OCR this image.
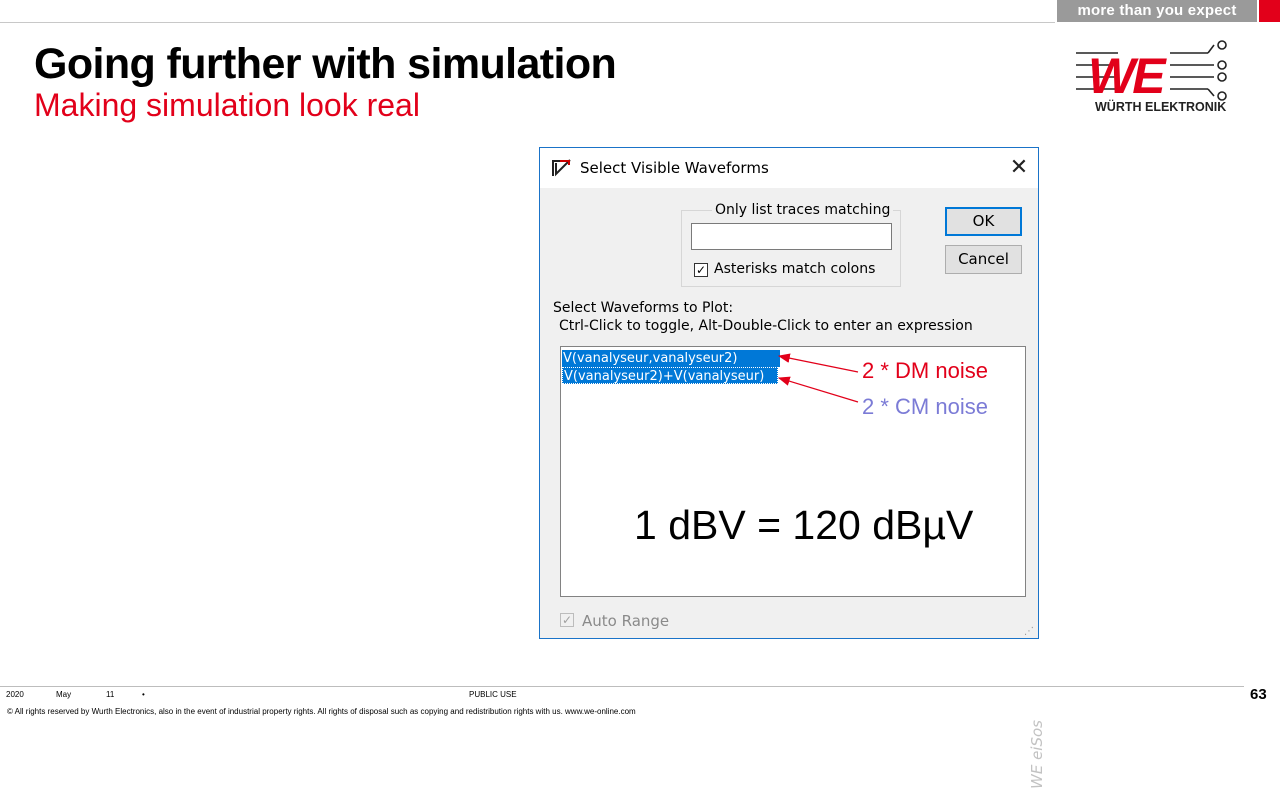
more than you expect
Going further with simulation
Making simulation look real
WE
WÜRTH ELEKTRONIK
Select Visible Waveforms	✕
Only list traces matching
✓ Asterisks match colons
OK
Cancel
Select Waveforms to Plot:
Ctrl-Click to toggle, Alt-Double-Click to enter an expression
V(vanalyseur,vanalyseur2)
V(vanalyseur2)+V(vanalyseur)
WE eiSos
✓ Auto Range
⋰
2 * DM noise
2 * CM noise
1 dBV = 120 dBµV
2020	May	11	•	PUBLIC USE	63
© All rights reserved by Wurth Electronics, also in the event of industrial property rights. All rights of disposal such as copying and redistribution rights with us. www.we-online.com
